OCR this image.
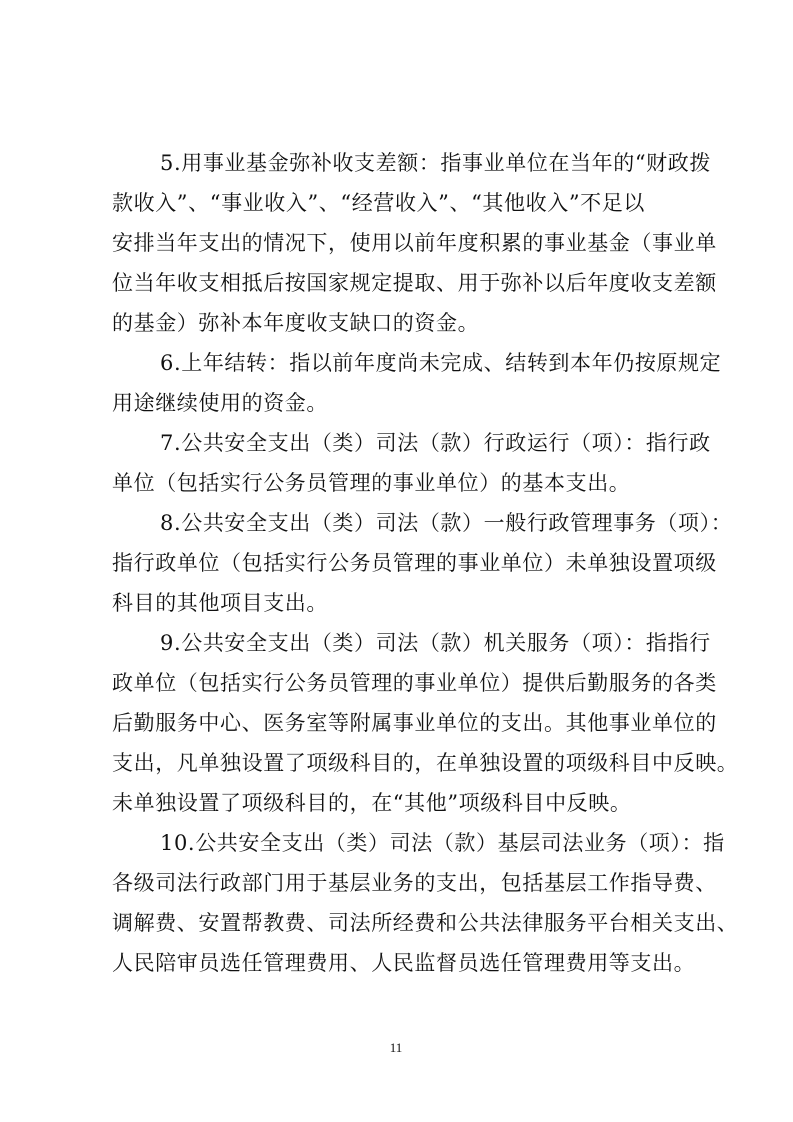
5.用事业基金弥补收支差额：指事业单位在当年的“财政拨
款收入”、“事业收入”、“经营收入”、“其他收入”不足以
安排当年支出的情况下，使用以前年度积累的事业基金（事业单
位当年收支相抵后按国家规定提取、用于弥补以后年度收支差额
的基金）弥补本年度收支缺口的资金。
6.上年结转：指以前年度尚未完成、结转到本年仍按原规定
用途继续使用的资金。
7.公共安全支出（类）司法（款）行政运行（项）：指行政
单位（包括实行公务员管理的事业单位）的基本支出。
8.公共安全支出（类）司法（款）一般行政管理事务（项）：
指行政单位（包括实行公务员管理的事业单位）未单独设置项级
科目的其他项目支出。
9.公共安全支出（类）司法（款）机关服务（项）：指指行
政单位（包括实行公务员管理的事业单位）提供后勤服务的各类
后勤服务中心、医务室等附属事业单位的支出。其他事业单位的
支出，凡单独设置了项级科目的，在单独设置的项级科目中反映。
未单独设置了项级科目的，在“其他”项级科目中反映。
10.公共安全支出（类）司法（款）基层司法业务（项）：指
各级司法行政部门用于基层业务的支出，包括基层工作指导费、
调解费、安置帮教费、司法所经费和公共法律服务平台相关支出、
人民陪审员选任管理费用、人民监督员选任管理费用等支出。
11
